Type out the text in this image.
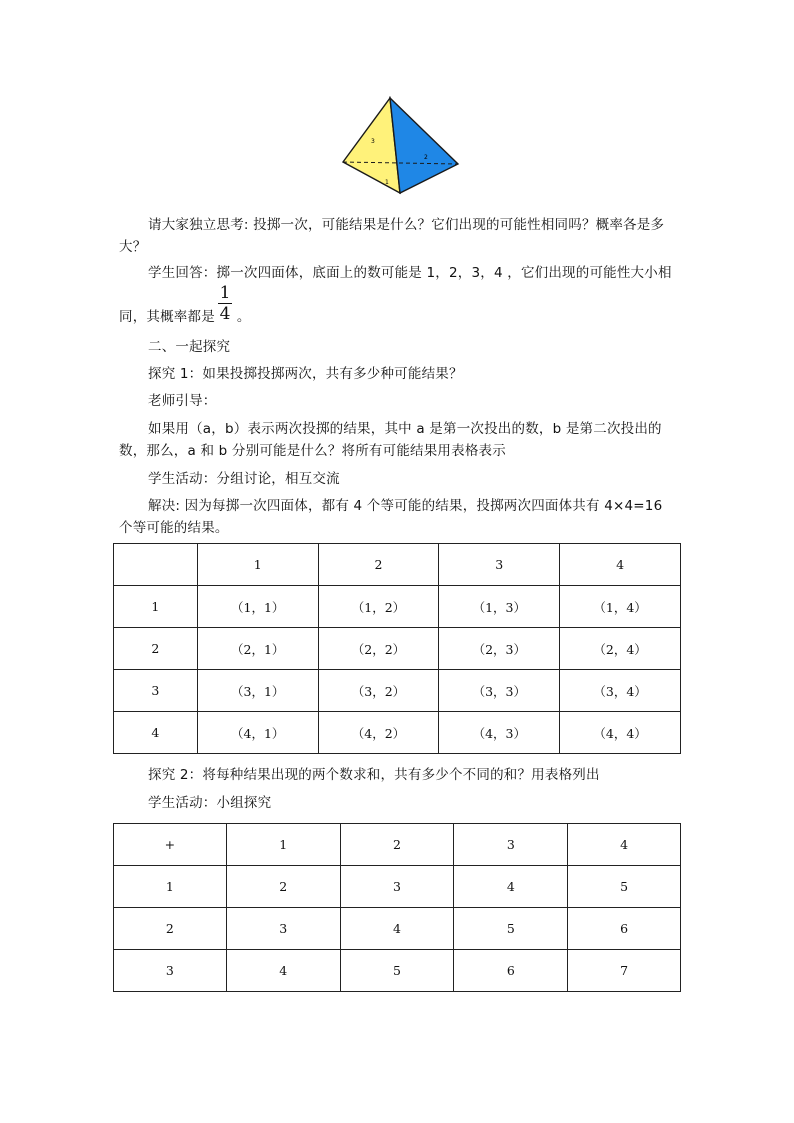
3
2
1
请大家独立思考: 投掷一次，可能结果是什么？它们出现的可能性相同吗？概率各是多大？
学生回答：掷一次四面体，底面上的数可能是 1，2，3，4 ，它们出现的可能性大小相
同，其概率都是 。
$\frac{1}{4}$
二、一起探究
探究 1：如果投掷投掷两次，共有多少种可能结果？
老师引导：
如果用（a，b）表示两次投掷的结果，其中 a 是第一次投出的数，b 是第二次投出的数，那么，a 和 b 分别可能是什么？将所有可能结果用表格表示
学生活动：分组讨论，相互交流
解决: 因为每掷一次四面体，都有 4 个等可能的结果，投掷两次四面体共有 4×4=16 个等可能的结果。
	1	2	3	4
1	（1，1）	（1，2）	（1，3）	（1，4）
2	（2，1）	（2，2）	（2，3）	（2，4）
3	（3，1）	（3，2）	（3，3）	（3，4）
4	（4，1）	（4，2）	（4，3）	（4，4）
探究 2：将每种结果出现的两个数求和，共有多少个不同的和？用表格列出
学生活动：小组探究
+	1	2	3	4
1	2	3	4	5
2	3	4	5	6
3	4	5	6	7
